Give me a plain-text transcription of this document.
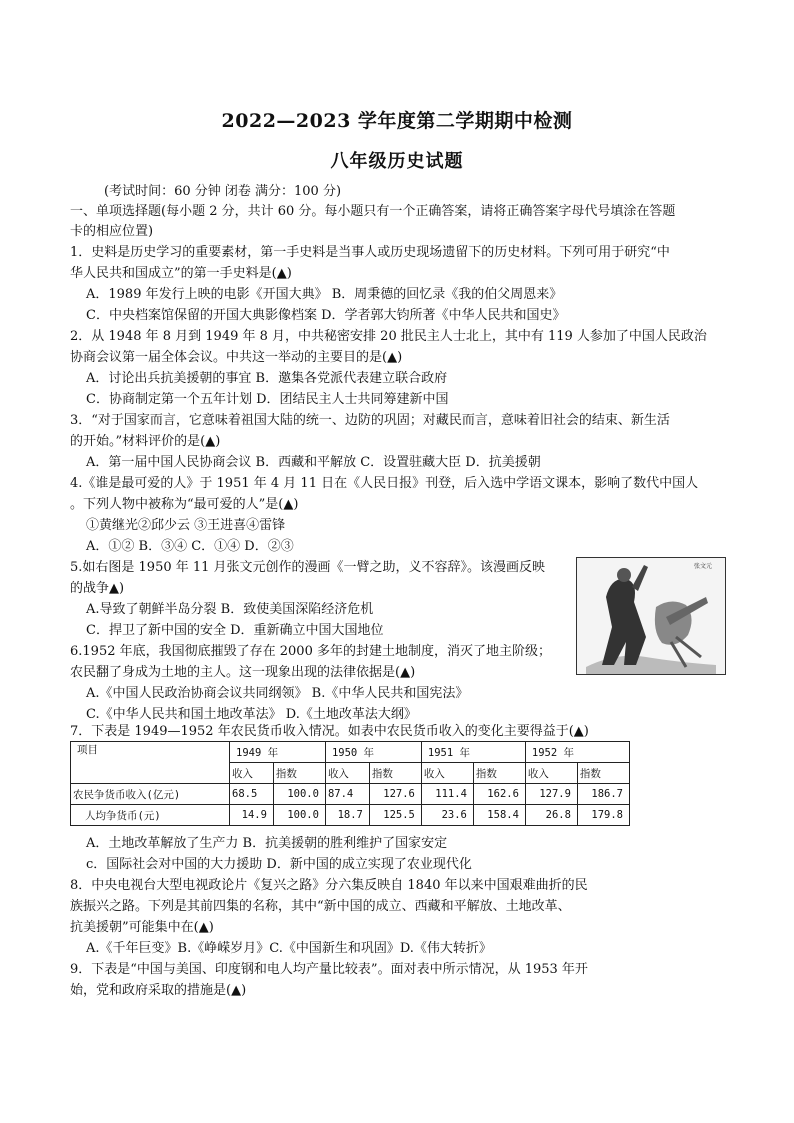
2022—2023 学年度第二学期期中检测
八年级历史试题
(考试时间：60 分钟 闭卷 满分：100 分)
一、单项选择题(每小题 2 分，共计 60 分。每小题只有一个正确答案，请将正确答案字母代号填涂在答题
卡的相应位置)
1．史料是历史学习的重要素材，第一手史料是当事人或历史现场遗留下的历史材料。下列可用于研究“中
华人民共和国成立”的第一手史料是(▲)
A．1989 年发行上映的电影《开国大典》 B．周秉德的回忆录《我的伯父周恩来》
C．中央档案馆保留的开国大典影像档案 D．学者郭大钧所著《中华人民共和国史》
2．从 1948 年 8 月到 1949 年 8 月，中共秘密安排 20 批民主人士北上，其中有 119 人参加了中国人民政治
协商会议第一届全体会议。中共这一举动的主要目的是(▲)
A．讨论出兵抗美援朝的事宜 B．邀集各党派代表建立联合政府
C．协商制定第一个五年计划 D．团结民主人士共同筹建新中国
3．“对于国家而言，它意味着祖国大陆的统一、边防的巩固；对藏民而言，意味着旧社会的结束、新生活
的开始。”材料评价的是(▲)
A．第一届中国人民协商会议 B．西藏和平解放 C．设置驻藏大臣 D．抗美援朝
4.《谁是最可爱的人》于 1951 年 4 月 11 日在《人民日报》刊登，后入选中学语文课本，影响了数代中国人
。下列人物中被称为“最可爱的人”是(▲)
①黄继光②邱少云 ③王进喜④雷锋
A．①② B．③④ C．①④ D．②③
5.如右图是 1950 年 11 月张文元创作的漫画《一臂之助，义不容辞》。该漫画反映
的战争▲)
A.导致了朝鲜半岛分裂 B．致使美国深陷经济危机
C．捍卫了新中国的安全 D．重新确立中国大国地位
张文元
6.1952 年底，我国彻底摧毁了存在 2000 多年的封建土地制度，消灭了地主阶级；
农民翻了身成为土地的主人。这一现象出现的法律依据是(▲)
A.《中国人民政治协商会议共同纲领》 B.《中华人民共和国宪法》
C.《中华人民共和国土地改革法》 D.《土地改革法大纲》
7．下表是 1949—1952 年农民货币收入情况。如表中农民货币收入的变化主要得益于(▲)
项目	1949 年		1950 年		1951 年		1952 年	
	收入	指数	收入	指数	收入	指数	收入	指数
农民争货币收入(亿元)	68.5	100.0	87.4	127.6	111.4	162.6	127.9	186.7
人均争货币(元)	14.9	100.0	18.7	125.5	23.6	158.4	26.8	179.8
A．土地改革解放了生产力 B．抗美援朝的胜利维护了国家安定
c．国际社会对中国的大力援助 D．新中国的成立实现了农业现代化
8．中央电视台大型电视政论片《复兴之路》分六集反映自 1840 年以来中国艰难曲折的民
族振兴之路。下列是其前四集的名称，其中“新中国的成立、西藏和平解放、土地改革、
抗美援朝”可能集中在(▲)
A.《千年巨变》B.《峥嵘岁月》C.《中国新生和巩固》D.《伟大转折》
9．下表是“中国与美国、印度钢和电人均产量比较表”。面对表中所示情况，从 1953 年开
始，党和政府采取的措施是(▲)
